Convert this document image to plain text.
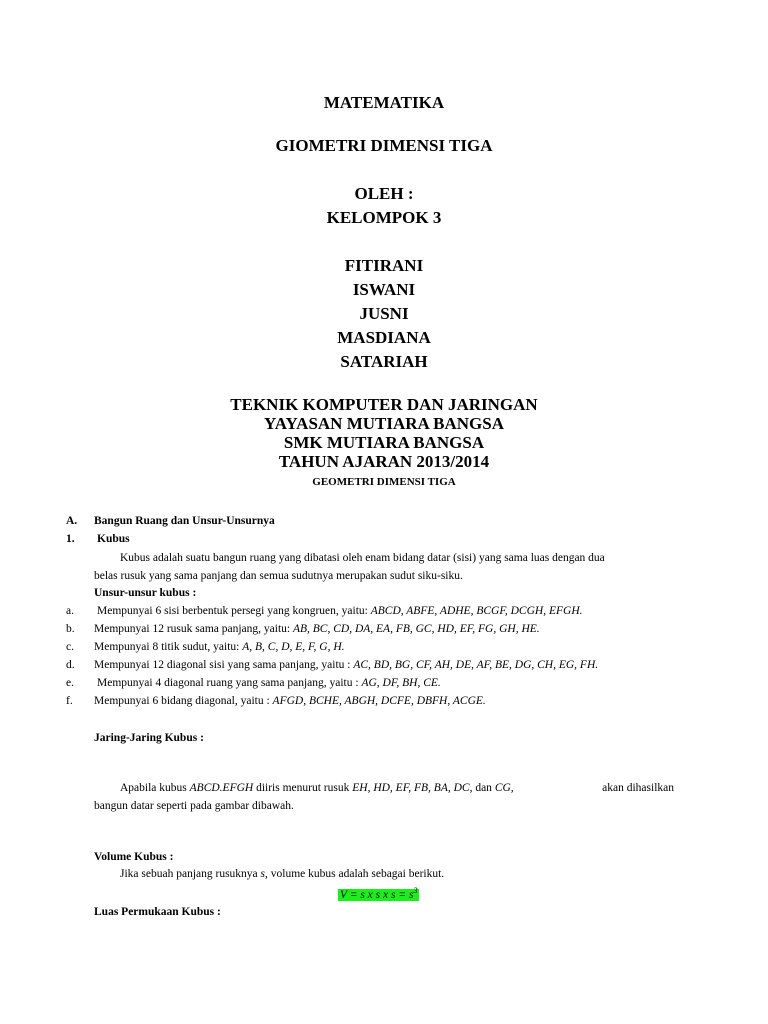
MATEMATIKA
GIOMETRI DIMENSI TIGA
OLEH :
KELOMPOK 3
FITIRANI
ISWANI
JUSNI
MASDIANA
SATARIAH
TEKNIK KOMPUTER DAN JARINGAN
YAYASAN MUTIARA BANGSA
SMK MUTIARA BANGSA
TAHUN AJARAN 2013/2014
GEOMETRI DIMENSI TIGA
A. Bangun Ruang dan Unsur-Unsurnya
1. Kubus
Kubus adalah suatu bangun ruang yang dibatasi oleh enam bidang datar (sisi) yang sama luas dengan dua
belas rusuk yang sama panjang dan semua sudutnya merupakan sudut siku-siku.
Unsur-unsur kubus :
a. Mempunyai 6 sisi berbentuk persegi yang kongruen, yaitu: ABCD, ABFE, ADHE, BCGF, DCGH, EFGH.
b. Mempunyai 12 rusuk sama panjang, yaitu: AB, BC, CD, DA, EA, FB, GC, HD, EF, FG, GH, HE.
c. Mempunyai 8 titik sudut, yaitu: A, B, C, D, E, F, G, H.
d. Mempunyai 12 diagonal sisi yang sama panjang, yaitu : AC, BD, BG, CF, AH, DE, AF, BE, DG, CH, EG, FH.
e. Mempunyai 4 diagonal ruang yang sama panjang, yaitu : AG, DF, BH, CE.
f. Mempunyai 6 bidang diagonal, yaitu : AFGD, BCHE, ABGH, DCFE, DBFH, ACGE.
Jaring-Jaring Kubus :
Apabila kubus ABCD.EFGH diiris menurut rusuk EH, HD, EF, FB, BA, DC, dan CG,	akan dihasilkan
bangun datar seperti pada gambar dibawah.
Volume Kubus :
Jika sebuah panjang rusuknya s, volume kubus adalah sebagai berikut.
V = s x s x $s = s^3$
Luas Permukaan Kubus :
